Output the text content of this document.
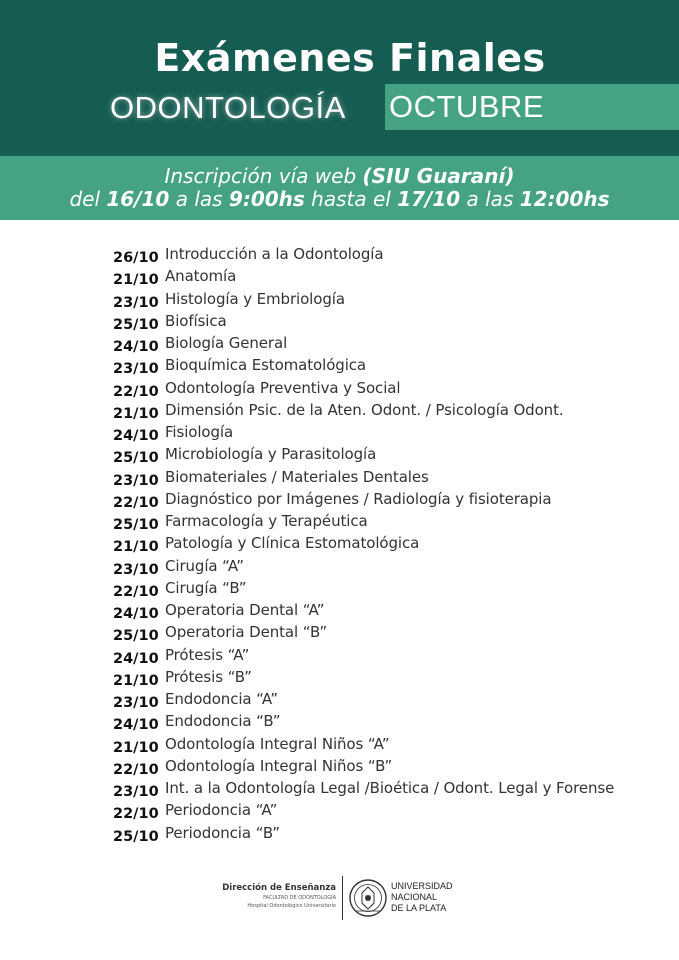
Exámenes Finales
ODONTOLOGÍA OCTUBRE
Inscripción vía web (SIU Guaraní)
del 16/10 a las 9:00hs hasta el 17/10 a las 12:00hs
26/10 Introducción a la Odontología
21/10 Anatomía
23/10 Histología y Embriología
25/10 Biofísica
24/10 Biología General
23/10 Bioquímica Estomatológica
22/10 Odontología Preventiva y Social
21/10 Dimensión Psic. de la Aten. Odont. / Psicología Odont.
24/10 Fisiología
25/10 Microbiología y Parasitología
23/10 Biomateriales / Materiales Dentales
22/10 Diagnóstico por Imágenes / Radiología y fisioterapia
25/10 Farmacología y Terapéutica
21/10 Patología y Clínica Estomatológica
23/10 Cirugía “A”
22/10 Cirugía “B”
24/10 Operatoria Dental “A”
25/10 Operatoria Dental “B”
24/10 Prótesis “A”
21/10 Prótesis “B”
23/10 Endodoncia “A”
24/10 Endodoncia “B”
21/10 Odontología Integral Niños “A”
22/10 Odontología Integral Niños “B”
23/10 Int. a la Odontología Legal /Bioética / Odont. Legal y Forense
22/10 Periodoncia “A”
25/10 Periodoncia “B”
Dirección de Enseñanza
FACULTAD DE ODONTOLOGÍA
Hospital Odontológico Universitario
UNIVERSIDAD
NACIONAL
DE LA PLATA
